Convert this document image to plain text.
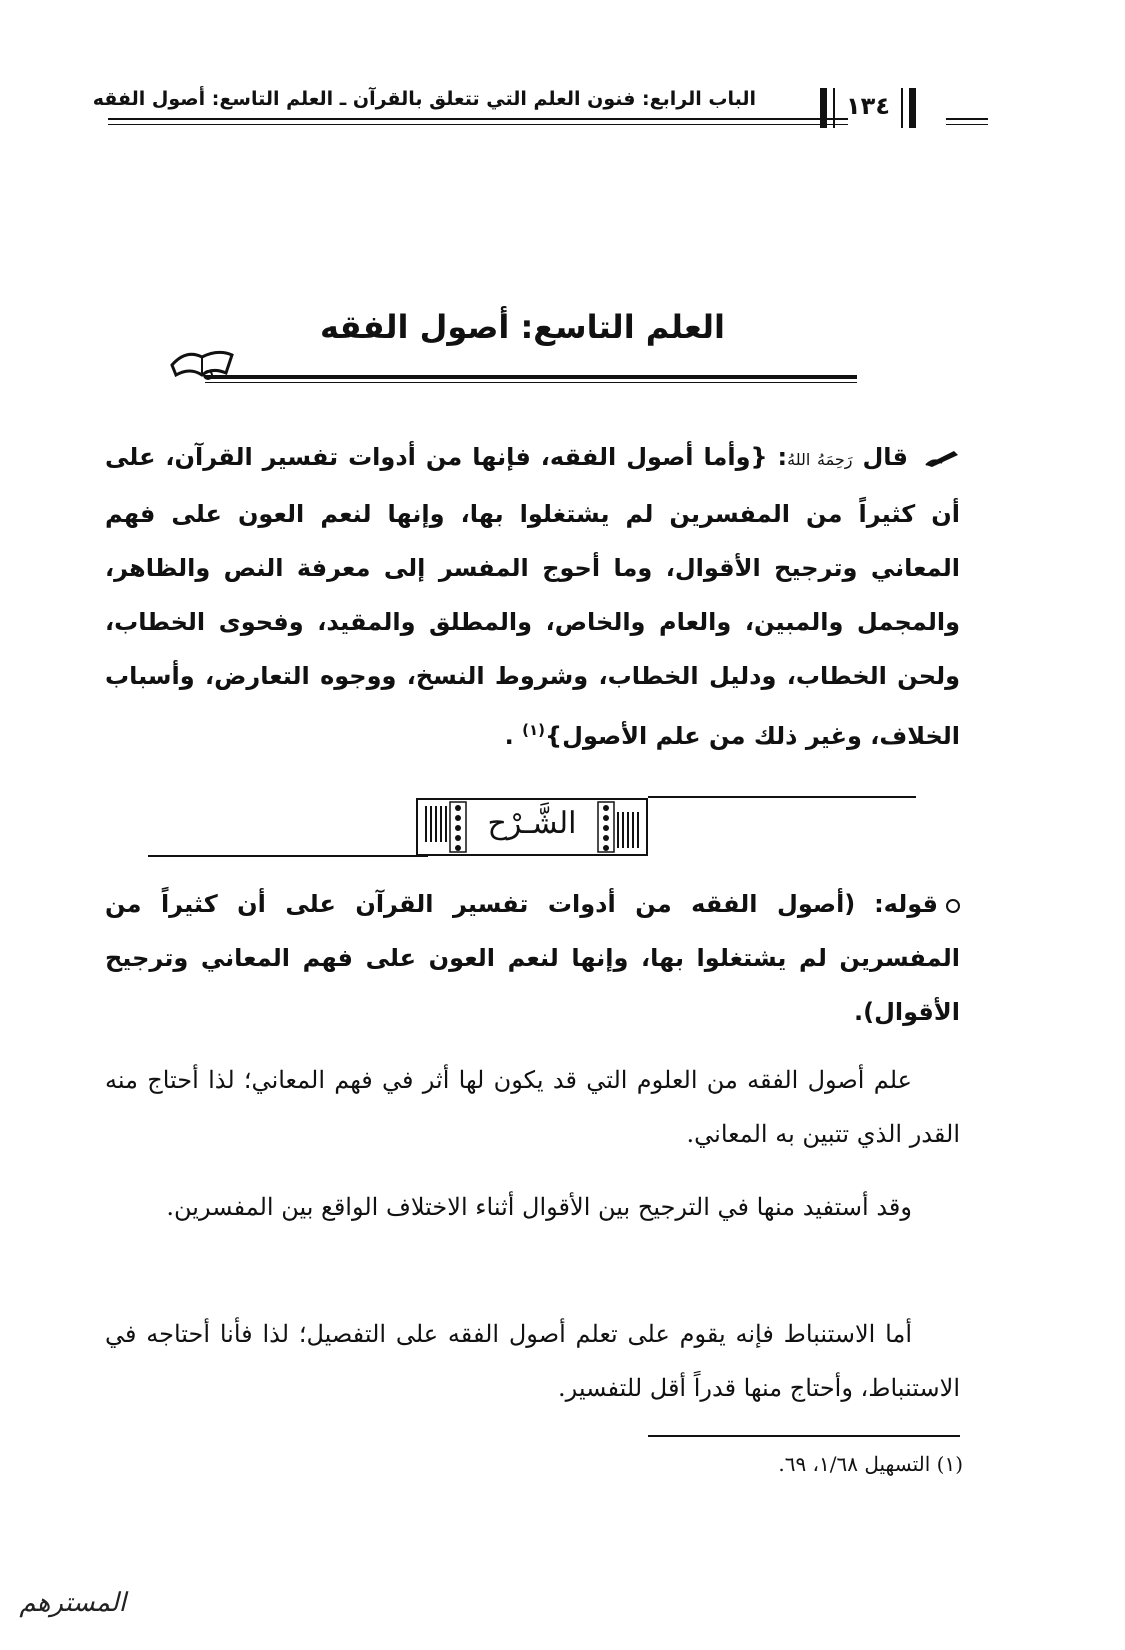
الباب الرابع: فنون العلم التي تتعلق بالقرآن ـ العلم التاسع: أصول الفقه	١٣٤
العلم التاسع: أصول الفقه
قال رَحِمَهُ اللهُ: {وأما أصول الفقه، فإنها من أدوات تفسير القرآن، على أن كثيراً من المفسرين لم يشتغلوا بها، وإنها لنعم العون على فهم المعاني وترجيح الأقوال، وما أحوج المفسر إلى معرفة النص والظاهر، والمجمل والمبين، والعام والخاص، والمطلق والمقيد، وفحوى الخطاب، ولحن الخطاب، ودليل الخطاب، وشروط النسخ، ووجوه التعارض، وأسباب الخلاف، وغير ذلك من علم الأصول}$^{(١)}$ .
الشَّـرْح
قوله: (أصول الفقه من أدوات تفسير القرآن على أن كثيراً من المفسرين لم يشتغلوا بها، وإنها لنعم العون على فهم المعاني وترجيح الأقوال).
علم أصول الفقه من العلوم التي قد يكون لها أثر في فهم المعاني؛ لذا أحتاج منه القدر الذي تتبين به المعاني.
وقد أستفيد منها في الترجيح بين الأقوال أثناء الاختلاف الواقع بين المفسرين.
أما الاستنباط فإنه يقوم على تعلم أصول الفقه على التفصيل؛ لذا فأنا أحتاجه في الاستنباط، وأحتاج منها قدراً أقل للتفسير.
(١) التسهيل ١/٦٨، ٦٩.
المسترهم
